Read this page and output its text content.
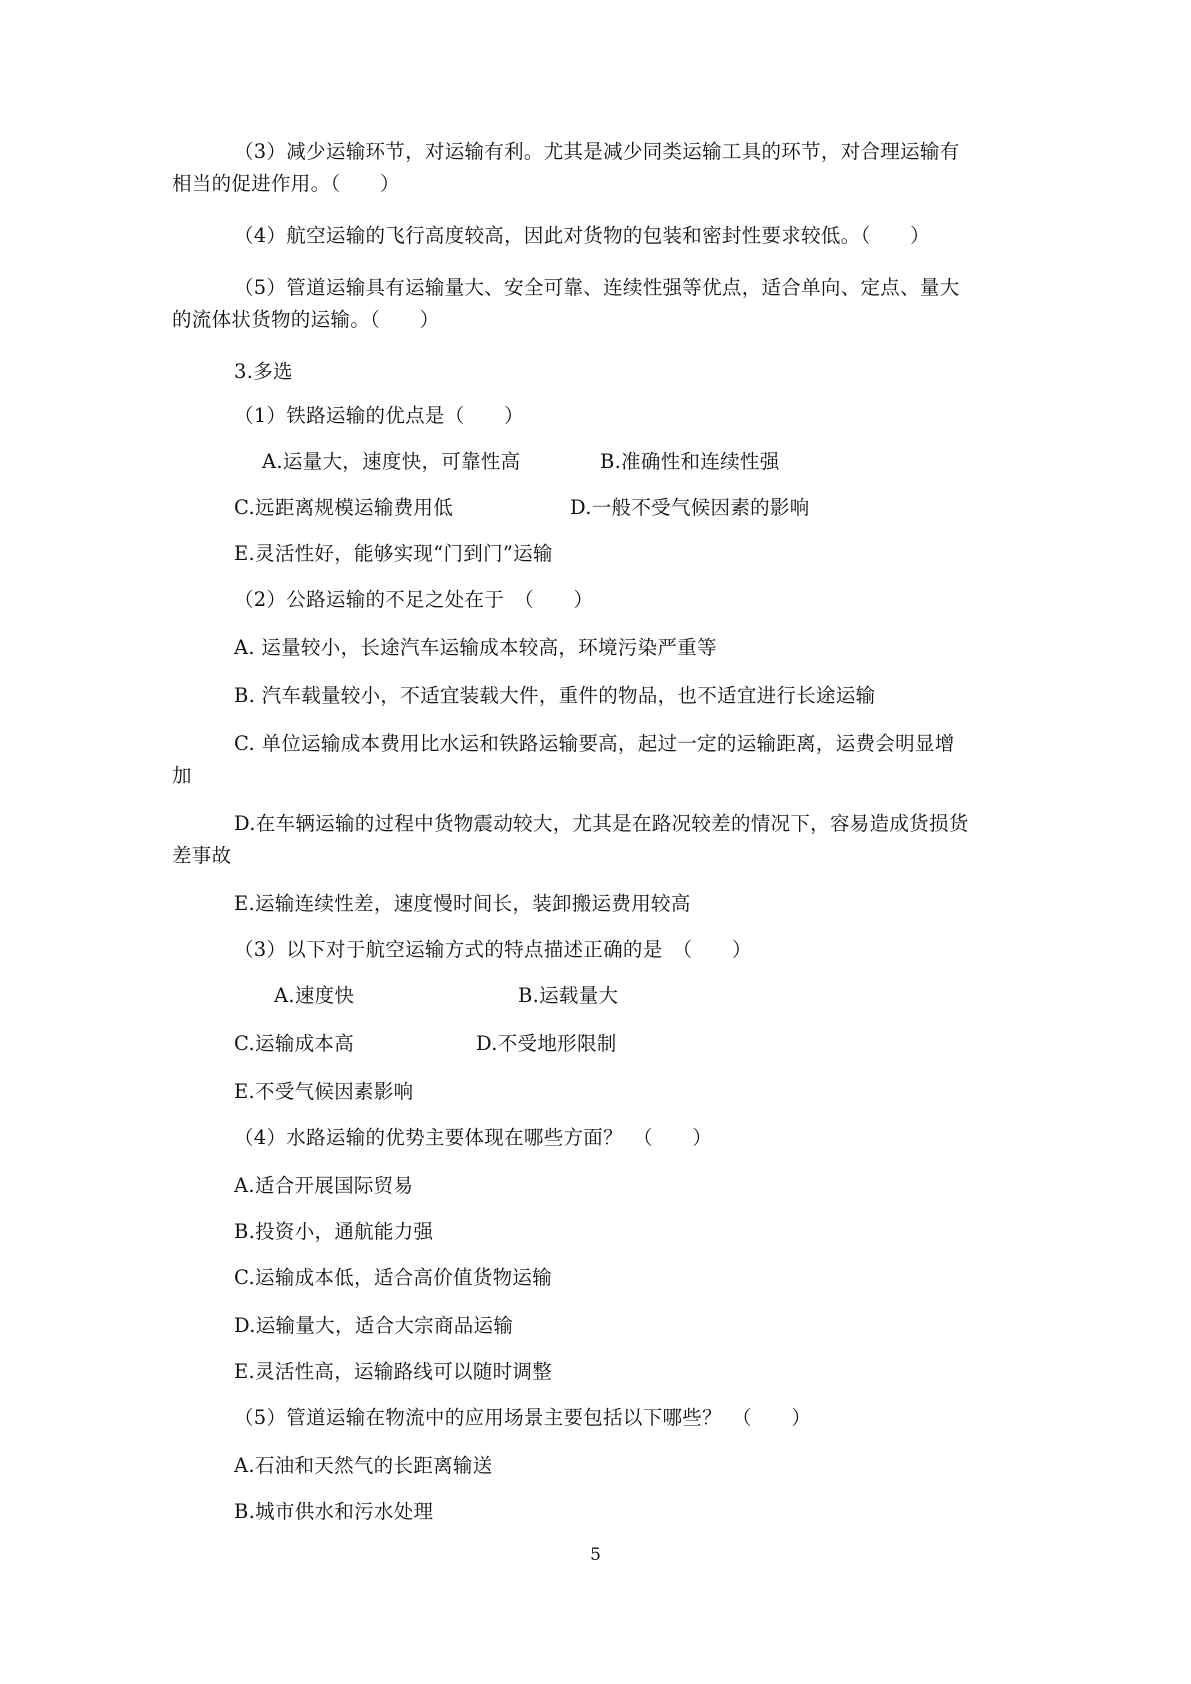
（3）减少运输环节，对运输有利。尤其是减少同类运输工具的环节，对合理运输有
相当的促进作用。（　　）
（4）航空运输的飞行高度较高，因此对货物的包装和密封性要求较低。（　　）
（5）管道运输具有运输量大、安全可靠、连续性强等优点，适合单向、定点、量大
的流体状货物的运输。（　　）
3.多选
（1）铁路运输的优点是（　　）
A.运量大，速度快，可靠性高	B.准确性和连续性强
C.远距离规模运输费用低	D.一般不受气候因素的影响
E.灵活性好，能够实现“门到门”运输
（2）公路运输的不足之处在于　（　　）
A. 运量较小，长途汽车运输成本较高，环境污染严重等
B. 汽车载量较小，不适宜装载大件，重件的物品，也不适宜进行长途运输
C. 单位运输成本费用比水运和铁路运输要高，起过一定的运输距离，运费会明显增
加
D.在车辆运输的过程中货物震动较大，尤其是在路况较差的情况下，容易造成货损货
差事故
E.运输连续性差，速度慢时间长，装卸搬运费用较高
（3）以下对于航空运输方式的特点描述正确的是　（　　）
A.速度快	B.运载量大
C.运输成本高	D.不受地形限制
E.不受气候因素影响
（4）水路运输的优势主要体现在哪些方面？　（　　）
A.适合开展国际贸易
B.投资小，通航能力强
C.运输成本低，适合高价值货物运输
D.运输量大，适合大宗商品运输
E.灵活性高，运输路线可以随时调整
（5）管道运输在物流中的应用场景主要包括以下哪些？　（　　）
A.石油和天然气的长距离输送
B.城市供水和污水处理
5
